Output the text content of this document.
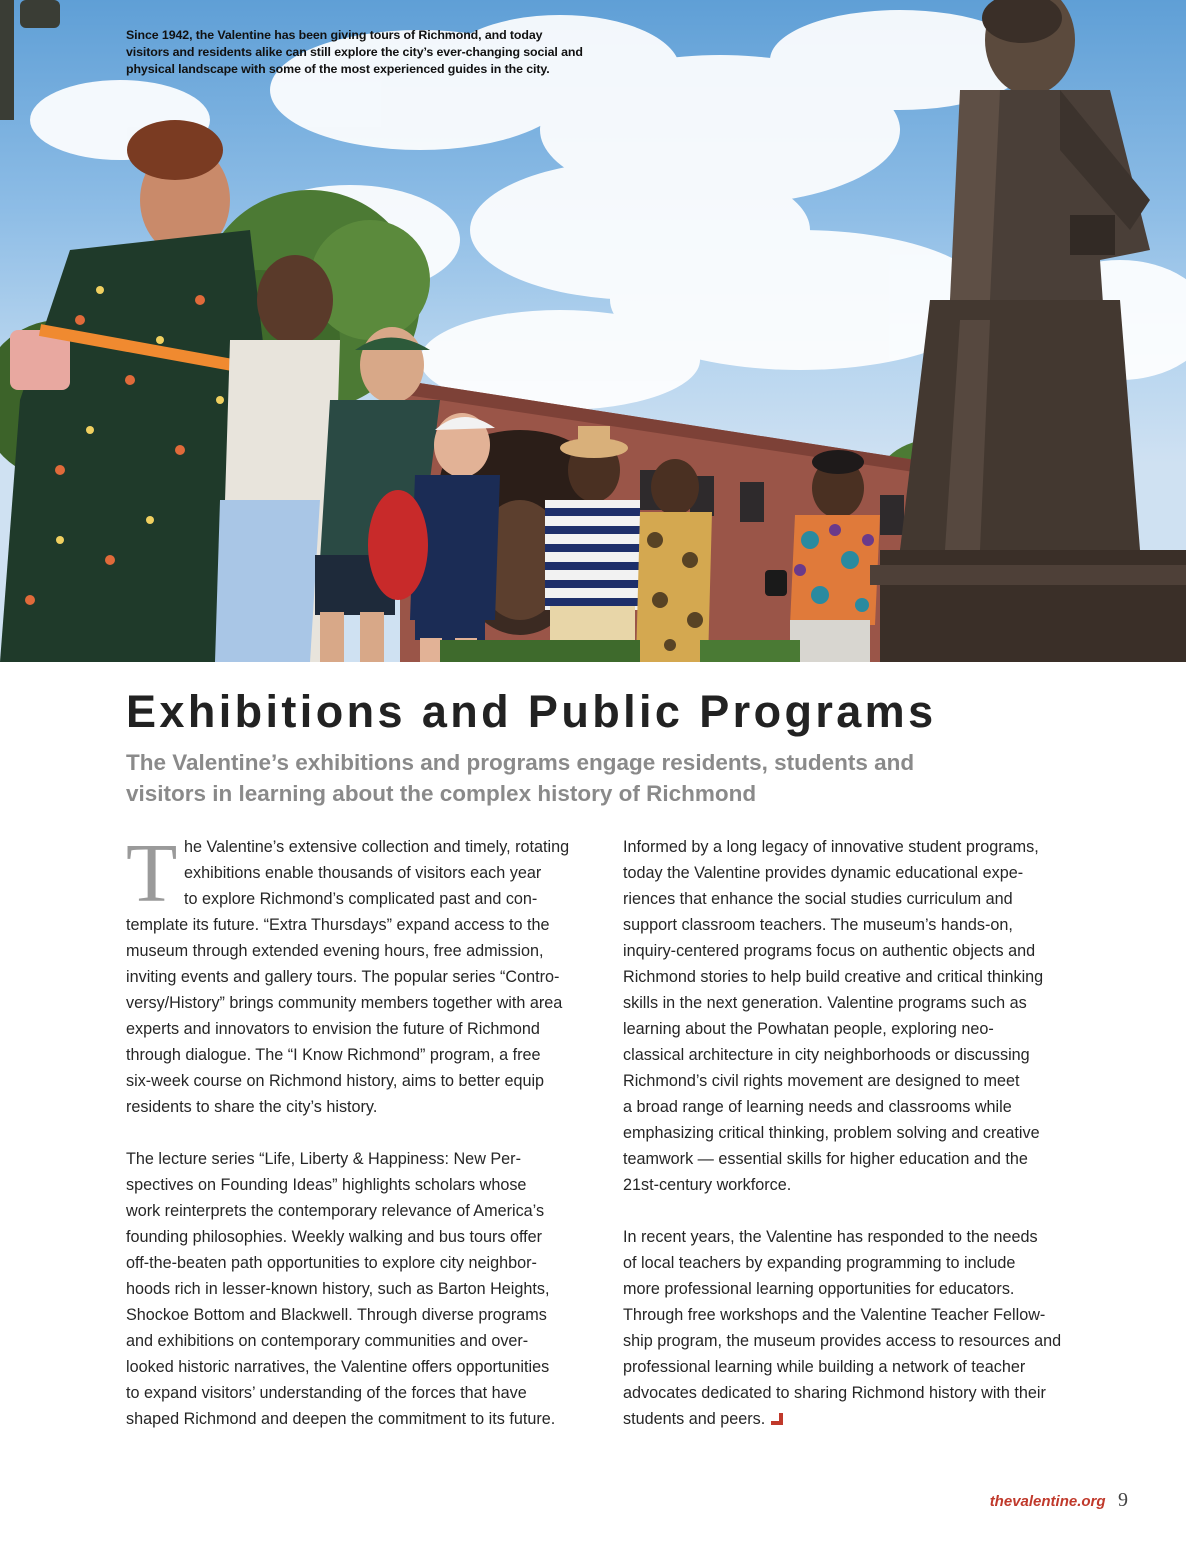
Since 1942, the Valentine has been giving tours of Richmond, and today
visitors and residents alike can still explore the city’s ever-changing social and
physical landscape with some of the most experienced guides in the city.
Exhibitions and Public Programs
The Valentine’s exhibitions and programs engage residents, students and
visitors in learning about the complex history of Richmond
T he Valentine’s extensive collection and timely, rotating
exhibitions enable thousands of visitors each year
to explore Richmond’s complicated past and con-
template its future. “Extra Thursdays” expand access to the
museum through extended evening hours, free admission,
inviting events and gallery tours. The popular series “Contro-
versy/History” brings community members together with area
experts and innovators to envision the future of Richmond
through dialogue. The “I Know Richmond” program, a free
six-week course on Richmond history, aims to better equip
residents to share the city’s history.
The lecture series “Life, Liberty & Happiness: New Per-
spectives on Founding Ideas” highlights scholars whose
work reinterprets the contemporary relevance of America’s
founding philosophies. Weekly walking and bus tours offer
off-the-beaten path opportunities to explore city neighbor-
hoods rich in lesser-known history, such as Barton Heights,
Shockoe Bottom and Blackwell. Through diverse programs
and exhibitions on contemporary communities and over-
looked historic narratives, the Valentine offers opportunities
to expand visitors’ understanding of the forces that have
shaped Richmond and deepen the commitment to its future.
Informed by a long legacy of innovative student programs,
today the Valentine provides dynamic educational expe-
riences that enhance the social studies curriculum and
support classroom teachers. The museum’s hands-on,
inquiry-centered programs focus on authentic objects and
Richmond stories to help build creative and critical thinking
skills in the next generation. Valentine programs such as
learning about the Powhatan people, exploring neo-
classical architecture in city neighborhoods or discussing
Richmond’s civil rights movement are designed to meet
a broad range of learning needs and classrooms while
emphasizing critical thinking, problem solving and creative
teamwork — essential skills for higher education and the
21st-century workforce.
In recent years, the Valentine has responded to the needs
of local teachers by expanding programming to include
more professional learning opportunities for educators.
Through free workshops and the Valentine Teacher Fellow-
ship program, the museum provides access to resources and
professional learning while building a network of teacher
advocates dedicated to sharing Richmond history with their
students and peers.
thevalentine.org 9
